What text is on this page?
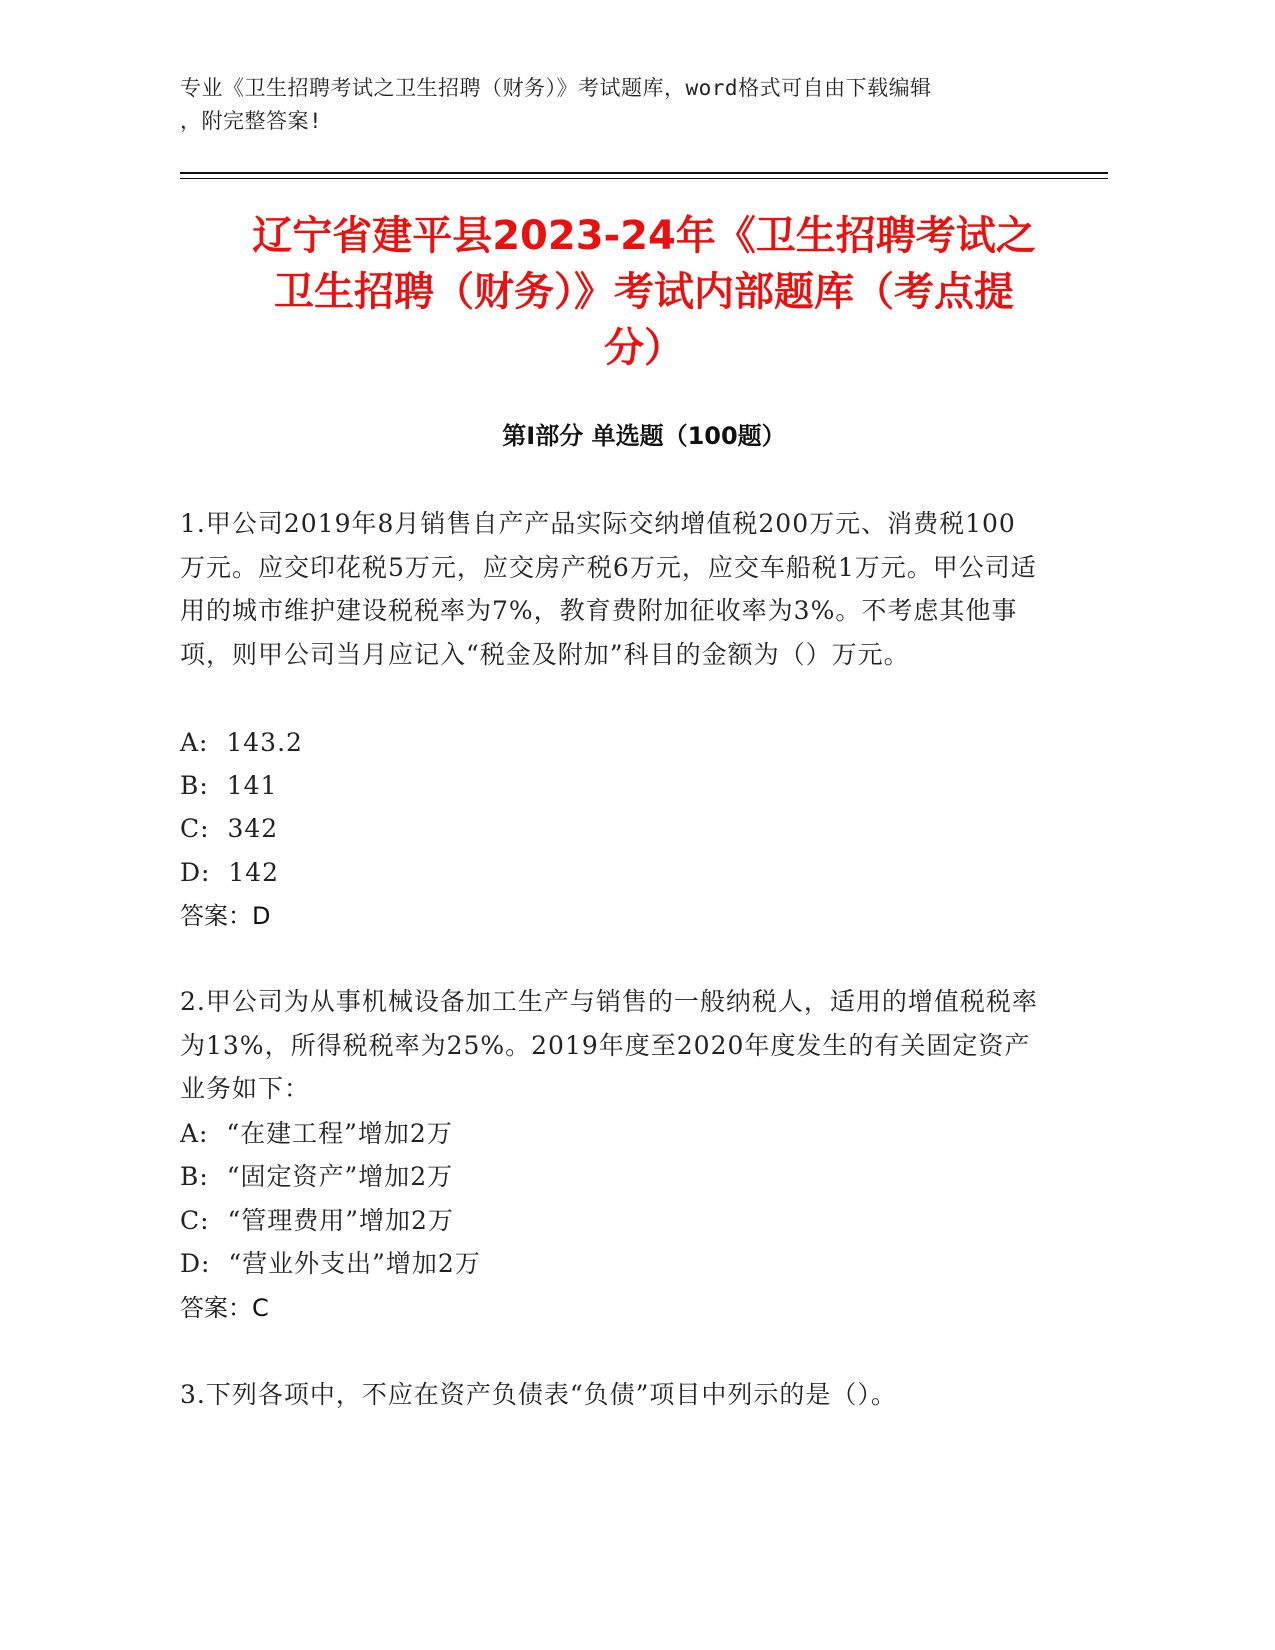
专业《卫生招聘考试之卫生招聘（财务）》考试题库，word格式可自由下载编辑
，附完整答案!
辽宁省建平县2023-24年《卫生招聘考试之
卫生招聘（财务）》考试内部题库（考点提
分）
第Ⅰ部分 单选题（100题）
1.甲公司2019年8月销售自产产品实际交纳增值税200万元、消费税100万元。应交印花税5万元，应交房产税6万元，应交车船税1万元。甲公司适用的城市维护建设税税率为7%，教育费附加征收率为3%。不考虑其他事项，则甲公司当月应记入“税金及附加”科目的金额为（）万元。
A:  143.2
B:  141
C:  342
D:  142
答案：D
2.甲公司为从事机械设备加工生产与销售的一般纳税人，适用的增值税税率为13%，所得税税率为25%。2019年度至2020年度发生的有关固定资产业务如下：
A:  “在建工程”增加2万
B:  “固定资产”增加2万
C:  “管理费用”增加2万
D:  “营业外支出”增加2万
答案：C
3.下列各项中，不应在资产负债表“负债”项目中列示的是（）。
